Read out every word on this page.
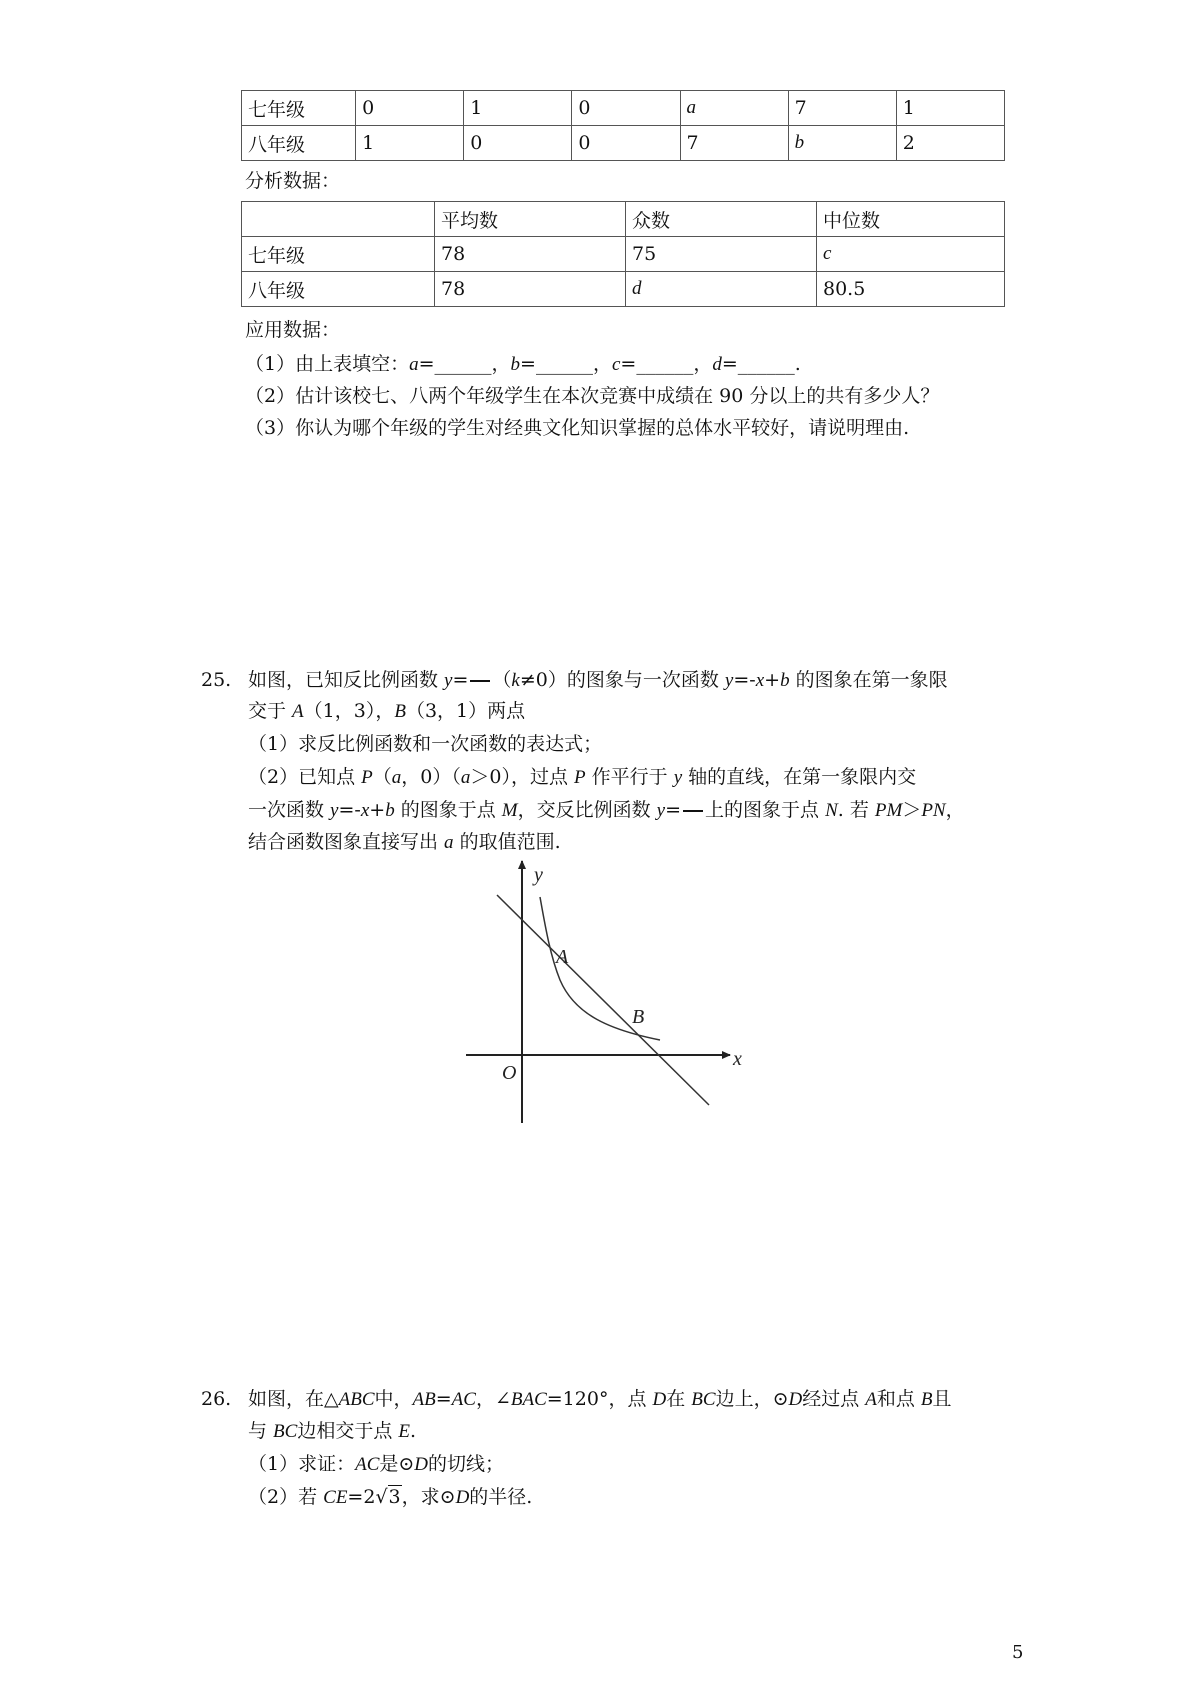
七年级	0	1	0	a	7	1
八年级	1	0	0	7	b	2
分析数据：
	平均数	众数	中位数
七年级	78	75	c
八年级	78	d	80.5
应用数据：
（1）由上表填空：a=______，b=______，c=______，d=______.
（2）估计该校七、八两个年级学生在本次竞赛中成绩在 90 分以上的共有多少人？
（3）你认为哪个年级的学生对经典文化知识掌握的总体水平较好，请说明理由.
25. 如图，已知反比例函数 y= （k≠0）的图象与一次函数 y=-x+b 的图象在第一象限
交于 A（1，3），B（3，1）两点
（1）求反比例函数和一次函数的表达式；
（2）已知点 P（a，0）（a＞0），过点 P 作平行于 y 轴的直线，在第一象限内交
一次函数 y=-x+b 的图象于点 M，交反比例函数 y= 上的图象于点 N. 若 PM＞PN，
结合函数图象直接写出 a 的取值范围.
y
x
O
A
B
26. 如图，在△ABC中，AB=AC，∠BAC=120°，点 D在 BC边上，⊙D经过点 A和点 B且
与 BC边相交于点 E.
（1）求证：AC是⊙D的切线；
（2）若 CE=2√3，求⊙D的半径.
5
